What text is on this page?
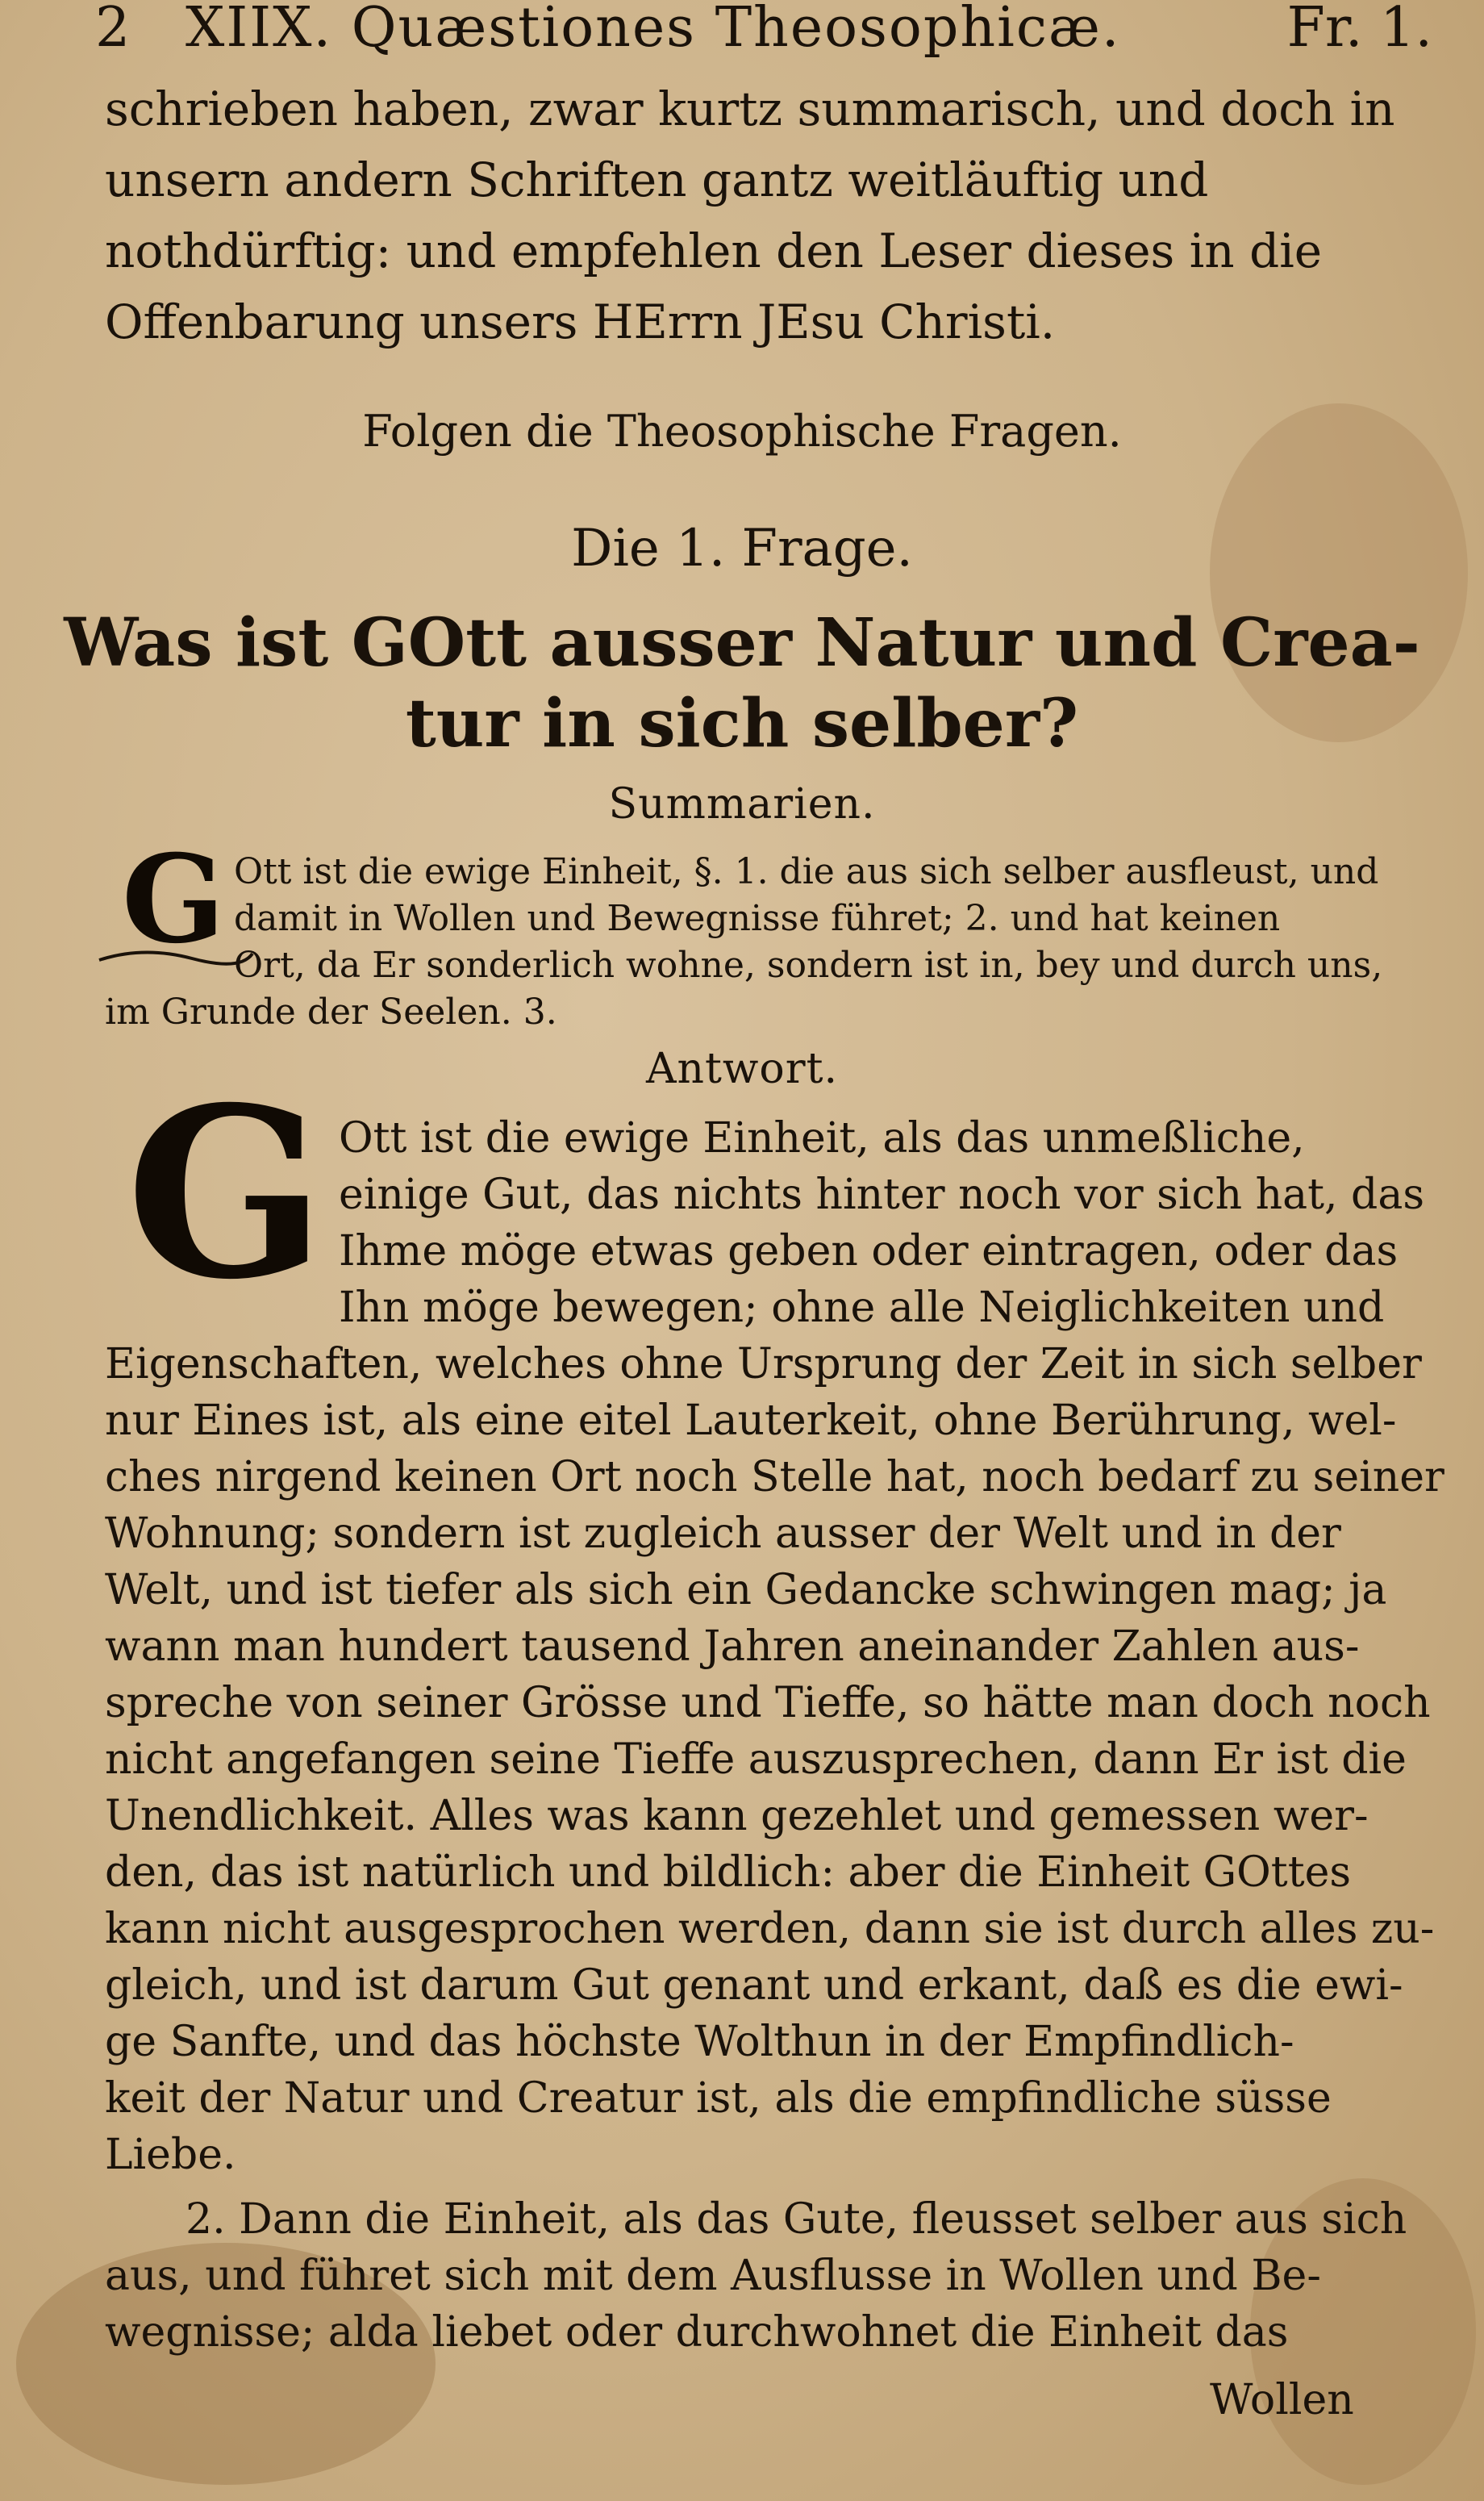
2 XIIX. Quæstiones Theosophicæ.	Fr. 1.
schrieben haben, zwar kurtz summarisch, und doch in
unsern andern Schriften gantz weitläuftig und
nothdürftig: und empfehlen den Leser dieses in die
Offenbarung unsers HErrn JEsu Christi.
Folgen die Theosophische Fragen.
Die 1. Frage.
Was ist GOtt ausser Natur und Crea-
tur in sich selber?
Summarien.
G Ott ist die ewige Einheit, §. 1. die aus sich selber ausfleust, und
damit in Wollen und Bewegnisse führet; 2. und hat keinen
Ort, da Er sonderlich wohne, sondern ist in, bey und durch uns,
im Grunde der Seelen. 3.
Antwort.
G Ott ist die ewige Einheit, als das unmeßliche,
einige Gut, das nichts hinter noch vor sich hat, das
Ihme möge etwas geben oder eintragen, oder das
Ihn möge bewegen; ohne alle Neiglichkeiten und
Eigenschaften, welches ohne Ursprung der Zeit in sich selber
nur Eines ist, als eine eitel Lauterkeit, ohne Berührung, wel-
ches nirgend keinen Ort noch Stelle hat, noch bedarf zu seiner
Wohnung; sondern ist zugleich ausser der Welt und in der
Welt, und ist tiefer als sich ein Gedancke schwingen mag; ja
wann man hundert tausend Jahren aneinander Zahlen aus-
spreche von seiner Grösse und Tieffe, so hätte man doch noch
nicht angefangen seine Tieffe auszusprechen, dann Er ist die
Unendlichkeit. Alles was kann gezehlet und gemessen wer-
den, das ist natürlich und bildlich: aber die Einheit GOttes
kann nicht ausgesprochen werden, dann sie ist durch alles zu-
gleich, und ist darum Gut genant und erkant, daß es die ewi-
ge Sanfte, und das höchste Wolthun in der Empfindlich-
keit der Natur und Creatur ist, als die empfindliche süsse
Liebe.
2. Dann die Einheit, als das Gute, fleusset selber aus sich
aus, und führet sich mit dem Ausflusse in Wollen und Be-
wegnisse; alda liebet oder durchwohnet die Einheit das
Wollen
